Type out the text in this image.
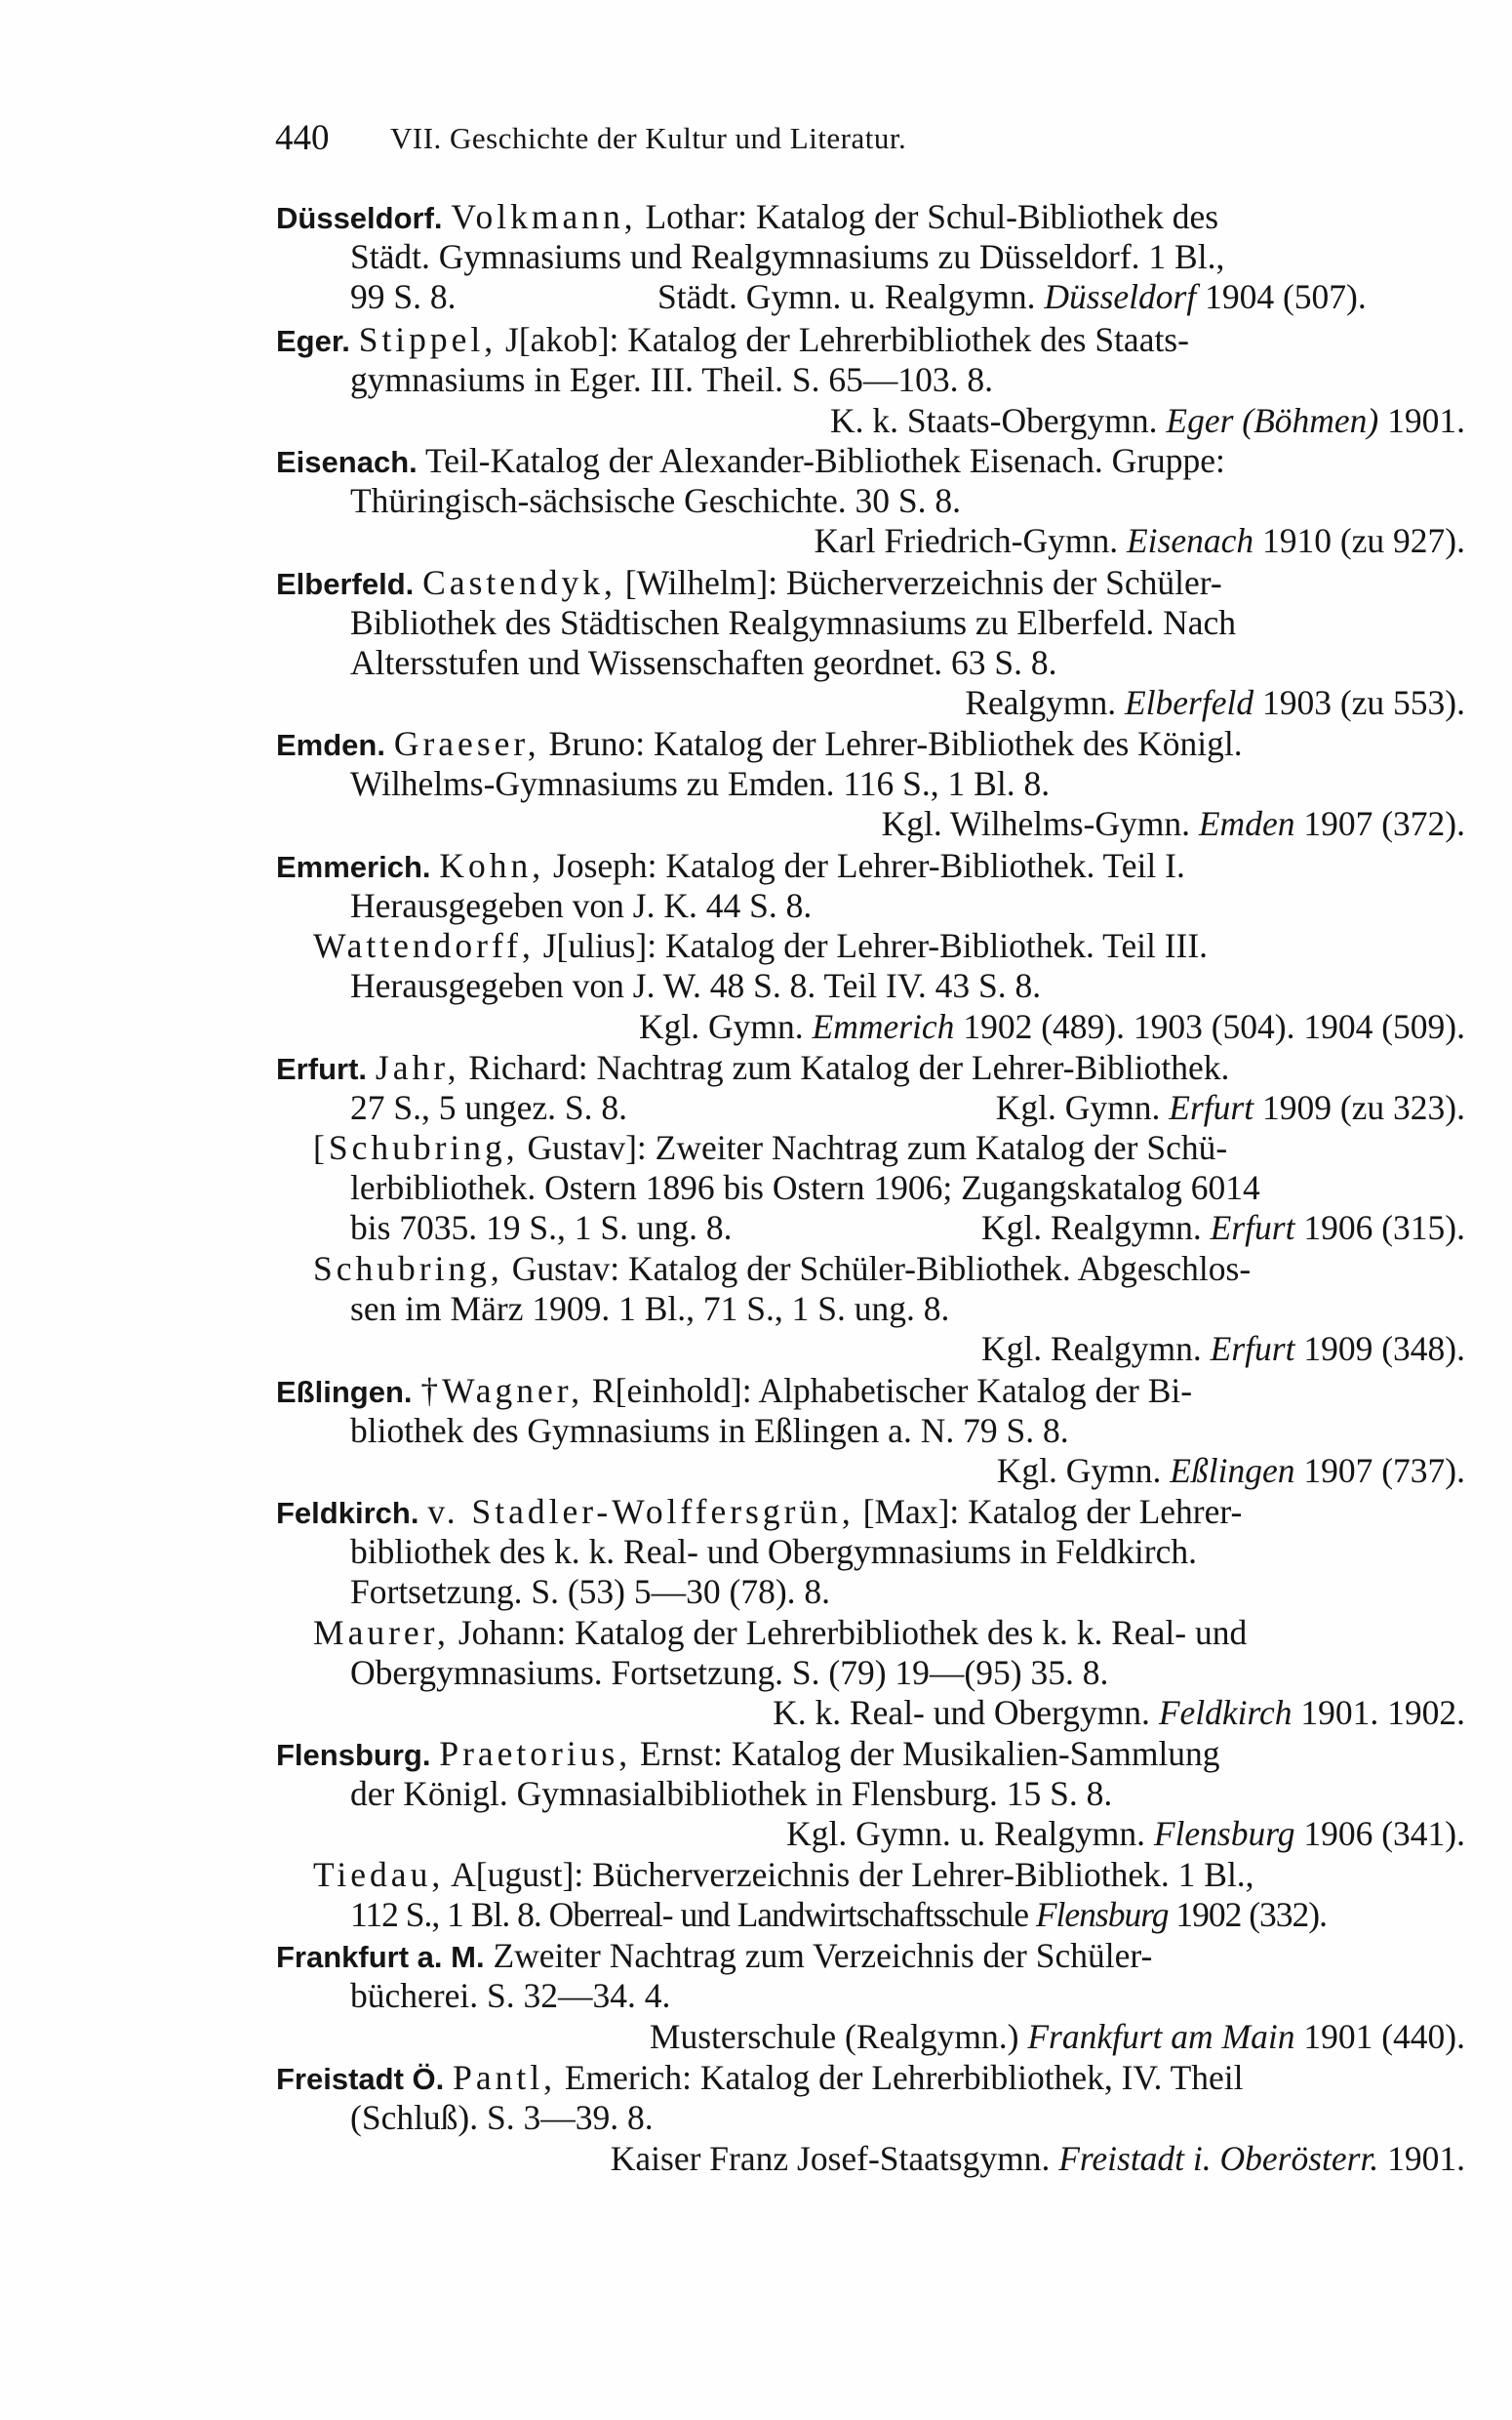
440 VII. Geschichte der Kultur und Literatur.
Düsseldorf. Volkmann, Lothar: Katalog der Schul-Bibliothek des
Städt. Gymnasiums und Realgymnasiums zu Düsseldorf. 1 Bl.,
99 S. 8.	Städt. Gymn. u. Realgymn. Düsseldorf 1904 (507).
Eger. Stippel, J[akob]: Katalog der Lehrerbibliothek des Staats-
gymnasiums in Eger. III. Theil. S. 65—103. 8.
K. k. Staats-Obergymn. Eger (Böhmen) 1901.
Eisenach. Teil-Katalog der Alexander-Bibliothek Eisenach. Gruppe:
Thüringisch-sächsische Geschichte. 30 S. 8.
Karl Friedrich-Gymn. Eisenach 1910 (zu 927).
Elberfeld. Castendyk, [Wilhelm]: Bücherverzeichnis der Schüler-
Bibliothek des Städtischen Realgymnasiums zu Elberfeld. Nach
Altersstufen und Wissenschaften geordnet. 63 S. 8.
Realgymn. Elberfeld 1903 (zu 553).
Emden. Graeser, Bruno: Katalog der Lehrer-Bibliothek des Königl.
Wilhelms-Gymnasiums zu Emden. 116 S., 1 Bl. 8.
Kgl. Wilhelms-Gymn. Emden 1907 (372).
Emmerich. Kohn, Joseph: Katalog der Lehrer-Bibliothek. Teil I.
Herausgegeben von J. K. 44 S. 8.
Wattendorff, J[ulius]: Katalog der Lehrer-Bibliothek. Teil III.
Herausgegeben von J. W. 48 S. 8. Teil IV. 43 S. 8.
Kgl. Gymn. Emmerich 1902 (489). 1903 (504). 1904 (509).
Erfurt. Jahr, Richard: Nachtrag zum Katalog der Lehrer-Bibliothek.
27 S., 5 ungez. S. 8.	Kgl. Gymn. Erfurt 1909 (zu 323).
[Schubring, Gustav]: Zweiter Nachtrag zum Katalog der Schü-
lerbibliothek. Ostern 1896 bis Ostern 1906; Zugangskatalog 6014
bis 7035. 19 S., 1 S. ung. 8.	Kgl. Realgymn. Erfurt 1906 (315).
Schubring, Gustav: Katalog der Schüler-Bibliothek. Abgeschlos-
sen im März 1909. 1 Bl., 71 S., 1 S. ung. 8.
Kgl. Realgymn. Erfurt 1909 (348).
Eßlingen. †Wagner, R[einhold]: Alphabetischer Katalog der Bi-
bliothek des Gymnasiums in Eßlingen a. N. 79 S. 8.
Kgl. Gymn. Eßlingen 1907 (737).
Feldkirch. v. Stadler-Wolffersgrün, [Max]: Katalog der Lehrer-
bibliothek des k. k. Real- und Obergymnasiums in Feldkirch.
Fortsetzung. S. (53) 5—30 (78). 8.
Maurer, Johann: Katalog der Lehrerbibliothek des k. k. Real- und
Obergymnasiums. Fortsetzung. S. (79) 19—(95) 35. 8.
K. k. Real- und Obergymn. Feldkirch 1901. 1902.
Flensburg. Praetorius, Ernst: Katalog der Musikalien-Sammlung
der Königl. Gymnasialbibliothek in Flensburg. 15 S. 8.
Kgl. Gymn. u. Realgymn. Flensburg 1906 (341).
Tiedau, A[ugust]: Bücherverzeichnis der Lehrer-Bibliothek. 1 Bl.,
112 S., 1 Bl. 8. Oberreal- und Landwirtschaftsschule Flensburg 1902 (332).
Frankfurt a. M. Zweiter Nachtrag zum Verzeichnis der Schüler-
bücherei. S. 32—34. 4.
Musterschule (Realgymn.) Frankfurt am Main 1901 (440).
Freistadt Ö. Pantl, Emerich: Katalog der Lehrerbibliothek, IV. Theil
(Schluß). S. 3—39. 8.
Kaiser Franz Josef-Staatsgymn. Freistadt i. Oberösterr. 1901.
